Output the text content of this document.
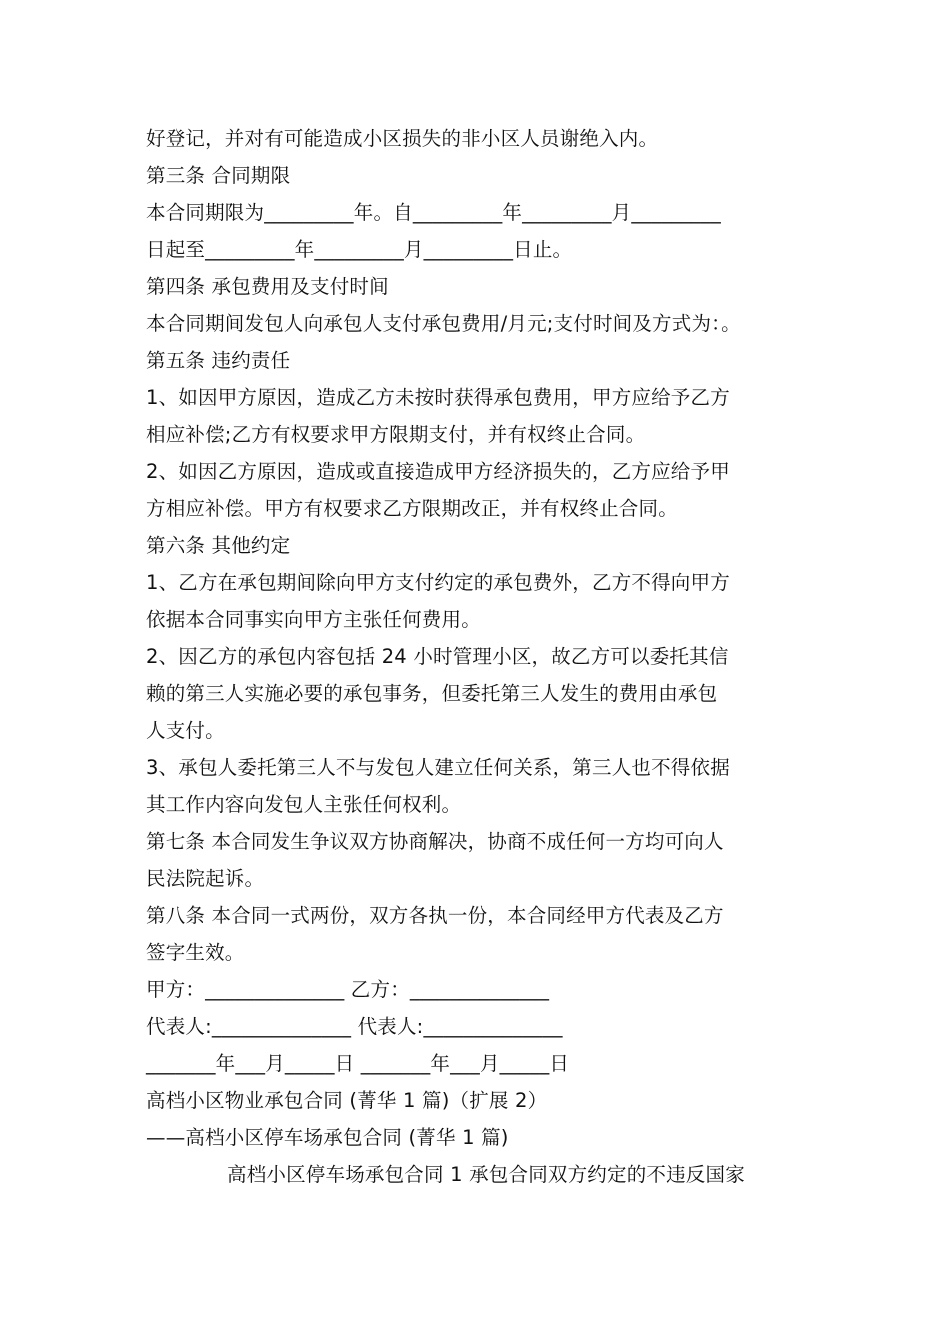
好登记，并对有可能造成小区损失的非小区人员谢绝入内。
第三条 合同期限
本合同期限为_________年。自_________年_________月_________
日起至_________年_________月_________日止。
第四条 承包费用及支付时间
本合同期间发包人向承包人支付承包费用/月元;支付时间及方式为：。
第五条 违约责任
1、如因甲方原因，造成乙方未按时获得承包费用，甲方应给予乙方
相应补偿;乙方有权要求甲方限期支付，并有权终止合同。
2、如因乙方原因，造成或直接造成甲方经济损失的，乙方应给予甲
方相应补偿。甲方有权要求乙方限期改正，并有权终止合同。
第六条 其他约定
1、乙方在承包期间除向甲方支付约定的承包费外，乙方不得向甲方
依据本合同事实向甲方主张任何费用。
2、因乙方的承包内容包括 24 小时管理小区，故乙方可以委托其信
赖的第三人实施必要的承包事务，但委托第三人发生的费用由承包
人支付。
3、承包人委托第三人不与发包人建立任何关系，第三人也不得依据
其工作内容向发包人主张任何权利。
第七条 本合同发生争议双方协商解决，协商不成任何一方均可向人
民法院起诉。
第八条 本合同一式两份，双方各执一份，本合同经甲方代表及乙方
签字生效。
甲方：______________ 乙方：______________
代表人:______________ 代表人:______________
_______年___月_____日 _______年___月_____日
高档小区物业承包合同 (菁华 1 篇)（扩展 2）
——高档小区停车场承包合同 (菁华 1 篇)
高档小区停车场承包合同 1 承包合同双方约定的不违反国家
